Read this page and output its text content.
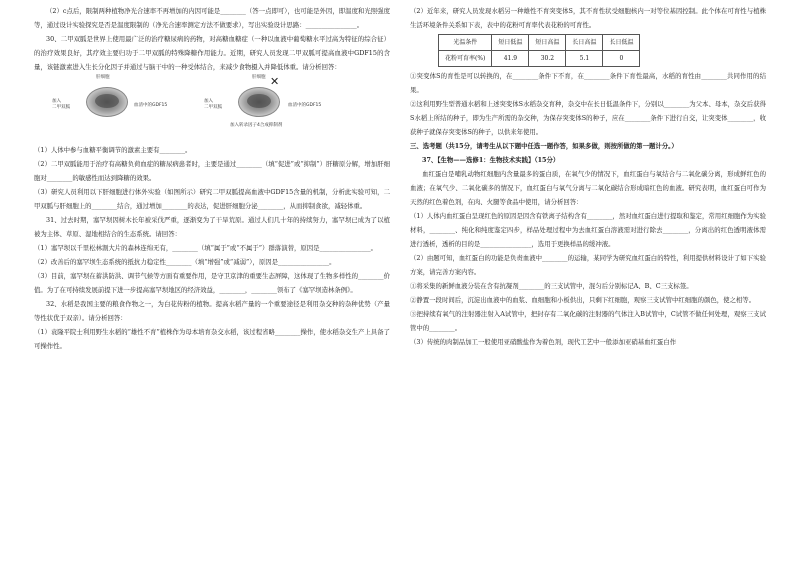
（2）c点后，限制两种植物净光合速率不再增加的内因可能是________（答一点即可），也可能是外因，即温度和光照强度等，通过设计实验探究是否是温度限制的（净光合速率测定方法不做要求），写出实验设计思路：________________。

30、二甲双胍是世界上使用最广泛的治疗糖尿病的药物，对高糖血糖症（一种以血液中葡萄糖水平过高为特征的综合征）的治疗效果良好，其疗效主要归功于二甲双胍的特殊降糖作用能力。近期，研究人员发现二甲双胍可提高血液中GDF15的含量，该链激素进入生长分化因子并通过与脑干中的一种受体结合，来减少食物摄入并降低体重。请分析回答：

肝细胞	肝细胞
加入
二甲双胍	血清中的GDF15
加入
二甲双胍
✕
血清中的GDF15
加入转录因子4合成抑制剂

（1）人体中参与血糖平衡调节的激素主要有________。

（2）二甲双胍能用于治疗有高糖负荷血症的糖尿病患者时，主要是通过________（填“促进”或“抑制”）肝糖原分解，增加肝细胞对________的敏感性而达到降糖的效果。

（3）研究人员利用以下肝细胞进行体外实验（如图所示）研究二甲双胍提高血液中GDF15含量的机制，分析此实验可知，二甲双胍与肝细胞上的________结合，通过增加________的表达，促进肝细胞分泌________，从而抑制食欲，减轻体重。

31、过去时期，塞罕坝因树木长年被采伐严重，逐渐变为了干旱荒原。通过人们几十年的持续努力，塞罕坝已成为了以植被为主体、草原、湿地相结合的生态系统。请回答：

（1）塞罕坝以千里松林割大片的森林连绵无有，________（填“属于”或“不属于”）群落演替，原因是________________。

（2）改善后的塞罕坝生态系统的抵抗力稳定性________（填“增强”或“减弱”），原因是________________。

（3）目前，塞罕坝在蓄洪防洪、调节气候等方面有重要作用，是守卫京津的重要生态屏障，这体现了生物多样性的________价值。为了在可持续发展前提下进一步提高塞罕坝地区的经济效益，________，________领布了《塞罕坝造林条例》。

32、水稻是我国主要的粮食作物之一，为白花传粉的植物。提高水稻产量的一个重要途径是利用杂交种的杂种优势（产量等性状优于双亲）。请分析回答：

（1）袁隆平院士利用野生水稻的“雄性不育”植株作为母本培育杂交水稻，该过程省略________操作，使水稻杂交生产上具备了可操作性。

（2）近年来，研究人员发现水稻另一种雄性不育突变体S，其不育性状受细胞核内一对等位基因控制。此个体在可育性与植株生活环境条件关系如下表，表中的花粉可育率代表花粉的可育性。

光温条件	短日低温	短日高温	长日高温	长日低温
花粉可育率(%)	41.9	30.2	5.1	0

①突变体S的育性是可以转换的，在________条件下不育，在________条件下育性最高，水稻的育性由________共同作用的结果。

②这利用野生型普通水稻和上述突变体S水稻杂交育种，杂交中在长日低温条件下，分别以________为父本、母本，杂交后获得S水稻上所结的种子，即为生产所需的杂交种，为保存突变体S的种子，应在________条件下进行自交，让突变体________，收获种子就保存突变体S的种子，以供来年使用。

三、选考题（共15分，请考生从以下题中任选一题作答，如果多做，则按所做的第一题计分。）

37、【生物——选修1：生物技术实践】（15分）

血红蛋白是哺乳动物红细胞内含量最多的蛋白质，在氧气少的情况下，血红蛋白与氧结合与二氧化碳分离，形成鲜红色的血液；在氧气少、二氧化碳多的情况下，血红蛋白与氧气分离与二氧化碳结合形成暗红色的血液。研究表明，血红蛋白可作为天然的红色着色剂，在肉、火腿等食品中使用，请分析回答：

（1）人体内血红蛋白呈现红色的原因是因含有铁离子结构含有________，然对血红蛋白进行提取和鉴定，常用红细胞作为实验材料，________、纯化和纯度鉴定四步，样品处理过程中为去血红蛋白溶液需对进行除去________，分离出的红色透明液体需进行透析，透析的目的是________________，选用于更换样品的缓冲液。

（2）由题可知，血红蛋白的功能是负责血液中________的运输，某同学为研究血红蛋白的特性，利用提供材料设计了如下实验方案，请完善方案内容。

①将采集的新鲜血液分装在含有抗凝剂________的三支试管中，混匀后分别标记A、B、C三支标签。

②静置一段时间后，沉淀出血液中的血浆、血细胞和小板供出，只剩下红细胞，观察三支试管中红细胞的颜色，使之相等。

③把持续有氧气的注射器注射入A试管中，把封存有二氧化碳的注射器的气体注入B试管中，C试管不做任何处理，观察三支试管中的________。

（3）传统的肉制品加工一般使用亚硝酸盐作为着色剂，现代工艺中一般添加亚硝基血红蛋白作
